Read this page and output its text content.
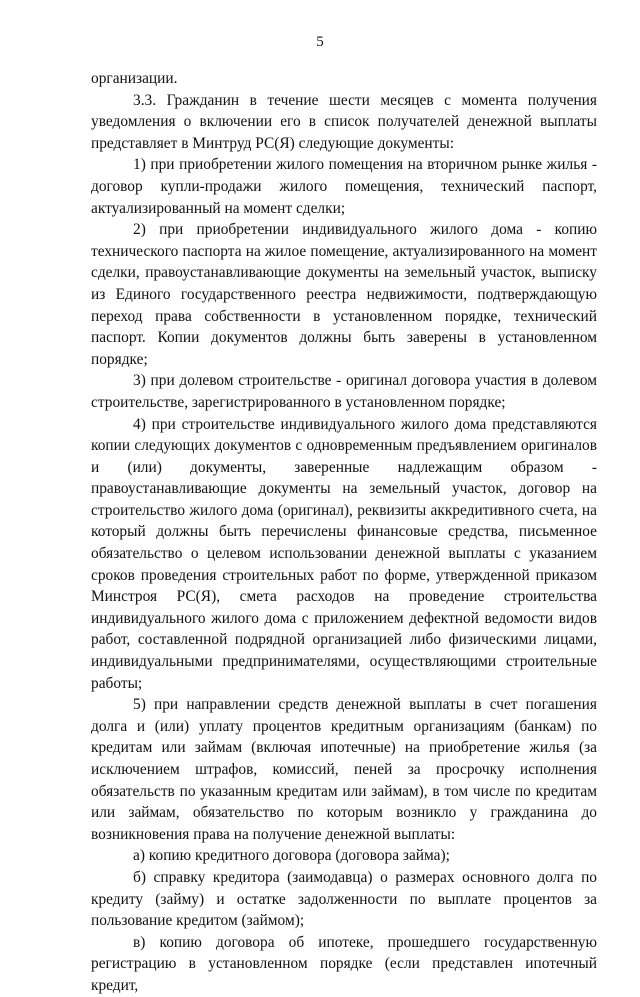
5

организации.

3.3. Гражданин в течение шести месяцев с момента получения уведомления о включении его в список получателей денежной выплаты представляет в Минтруд РС(Я) следующие документы:

1) при приобретении жилого помещения на вторичном рынке жилья - договор купли-продажи жилого помещения, технический паспорт, актуализированный на момент сделки;

2) при приобретении индивидуального жилого дома - копию технического паспорта на жилое помещение, актуализированного на момент сделки, правоустанавливающие документы на земельный участок, выписку из Единого государственного реестра недвижимости, подтверждающую переход права собственности в установленном порядке, технический паспорт. Копии документов должны быть заверены в установленном порядке;

3) при долевом строительстве - оригинал договора участия в долевом строительстве, зарегистрированного в установленном порядке;

4) при строительстве индивидуального жилого дома представляются копии следующих документов с одновременным предъявлением оригиналов и (или) документы, заверенные надлежащим образом - правоустанавливающие документы на земельный участок, договор на строительство жилого дома (оригинал), реквизиты аккредитивного счета, на который должны быть перечислены финансовые средства, письменное обязательство о целевом использовании денежной выплаты с указанием сроков проведения строительных работ по форме, утвержденной приказом Минстроя РС(Я), смета расходов на проведение строительства индивидуального жилого дома с приложением дефектной ведомости видов работ, составленной подрядной организацией либо физическими лицами, индивидуальными предпринимателями, осуществляющими строительные работы;

5) при направлении средств денежной выплаты в счет погашения долга и (или) уплату процентов кредитным организациям (банкам) по кредитам или займам (включая ипотечные) на приобретение жилья (за исключением штрафов, комиссий, пеней за просрочку исполнения обязательств по указанным кредитам или займам), в том числе по кредитам или займам, обязательство по которым возникло у гражданина до возникновения права на получение денежной выплаты:

а) копию кредитного договора (договора займа);

б) справку кредитора (заимодавца) о размерах основного долга по кредиту (займу) и остатке задолженности по выплате процентов за пользование кредитом (займом);

в) копию договора об ипотеке, прошедшего государственную регистрацию в установленном порядке (если представлен ипотечный кредит,
